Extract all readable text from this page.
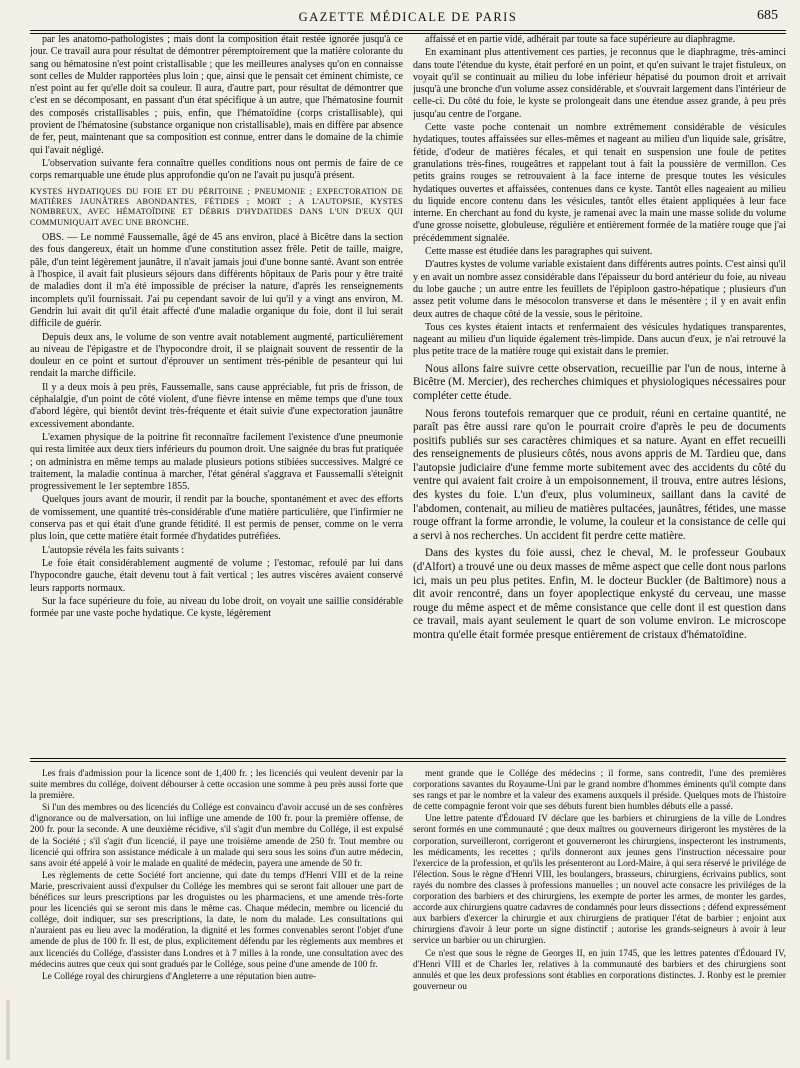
GAZETTE MÉDICALE DE PARIS	685

par les anatomo-pathologistes ; mais dont la composition était restée ignorée jusqu'à ce jour. Ce travail aura pour résultat de démontrer péremptoirement que la matière colorante du sang ou hématosine n'est point cristallisable ; que les meilleures analyses qu'on en connaisse sont celles de Mulder rapportées plus loin ; que, ainsi que le pensait cet éminent chimiste, ce n'est point au fer qu'elle doit sa couleur. Il aura, d'autre part, pour résultat de démontrer que c'est en se décomposant, en passant d'un état spécifique à un autre, que l'hématosine fournit des composés cristallisables ; puis, enfin, que l'hématoïdine (corps cristallisable), qui provient de l'hématosine (substance organique non cristallisable), mais en diffère par absence de fer, peut, maintenant que sa composition est connue, entrer dans le domaine de la chimie qui l'avait négligé.

L'observation suivante fera connaître quelles conditions nous ont permis de faire de ce corps remarquable une étude plus approfondie qu'on ne l'avait pu jusqu'à présent.

KYSTES HYDATIQUES DU FOIE ET DU PÉRITOINE ; PNEUMONIE ; EXPECTORATION DE MATIÈRES JAUNÂTRES ABONDANTES, FÉTIDES ; MORT ; A L'AUTOPSIE, KYSTES NOMBREUX, AVEC HÉMATOÏDINE ET DÉBRIS D'HYDATIDES DANS L'UN D'EUX QUI COMMUNIQUAIT AVEC UNE BRONCHE.

OBS. — Le nommé Faussemalle, âgé de 45 ans environ, placé à Bicêtre dans la section des fous dangereux, était un homme d'une constitution assez frêle. Petit de taille, maigre, pâle, d'un teint légèrement jaunâtre, il n'avait jamais joui d'une bonne santé. Avant son entrée à l'hospice, il avait fait plusieurs séjours dans différents hôpitaux de Paris pour y être traité de maladies dont il m'a été impossible de préciser la nature, d'après les renseignements incomplets qu'il fournissait. J'ai pu cependant savoir de lui qu'il y a vingt ans environ, M. Gendrin lui avait dit qu'il était affecté d'une maladie organique du foie, dont il lui serait difficile de guérir.

Depuis deux ans, le volume de son ventre avait notablement augmenté, particulièrement au niveau de l'épigastre et de l'hypocondre droit, il se plaignait souvent de ressentir de la douleur en ce point et surtout d'éprouver un sentiment très-pénible de pesanteur qui lui rendait la marche difficile.

Il y a deux mois à peu près, Faussemalle, sans cause appréciable, fut pris de frisson, de céphalalgie, d'un point de côté violent, d'une fièvre intense en même temps que d'une toux d'abord légère, qui bientôt devint très-fréquente et était suivie d'une expectoration jaunâtre excessivement abondante.

L'examen physique de la poitrine fit reconnaître facilement l'existence d'une pneumonie qui resta limitée aux deux tiers inférieurs du poumon droit. Une saignée du bras fut pratiquée ; on administra en même temps au malade plusieurs potions stibiées successives. Malgré ce traitement, la maladie continua à marcher, l'état général s'aggrava et Faussemalli s'éteignit progressivement le 1er septembre 1855.

Quelques jours avant de mourir, il rendit par la bouche, spontanément et avec des efforts de vomissement, une quantité très-considérable d'une matière particulière, que l'infirmier ne conserva pas et qui était d'une grande fétidité. Il est permis de penser, comme on le verra plus loin, que cette matière était formée d'hydatides putréfiées.

L'autopsie révéla les faits suivants :

Le foie était considérablement augmenté de volume ; l'estomac, refoulé par lui dans l'hypocondre gauche, était devenu tout à fait vertical ; les autres viscères avaient conservé leurs rapports normaux.

Sur la face supérieure du foie, au niveau du lobe droit, on voyait une saillie considérable formée par une vaste poche hydatique. Ce kyste, légèrement

affaissé et en partie vidé, adhérait par toute sa face supérieure au diaphragme.

En examinant plus attentivement ces parties, je reconnus que le diaphragme, très-aminci dans toute l'étendue du kyste, était perforé en un point, et qu'en suivant le trajet fistuleux, on voyait qu'il se continuait au milieu du lobe inférieur hépatisé du poumon droit et arrivait jusqu'à une bronche d'un volume assez considérable, et s'ouvrait largement dans l'intérieur de celle-ci. Du côté du foie, le kyste se prolongeait dans une étendue assez grande, à peu près jusqu'au centre de l'organe.

Cette vaste poche contenait un nombre extrêmement considérable de vésicules hydatiques, toutes affaissées sur elles-mêmes et nageant au milieu d'un liquide sale, grisâtre, fétide, d'odeur de matières fécales, et qui tenait en suspension une foule de petites granulations très-fines, rougeâtres et rappelant tout à fait la poussière de vermillon. Ces petits grains rouges se retrouvaient à la face interne de presque toutes les vésicules hydatiques ouvertes et affaissées, contenues dans ce kyste. Tantôt elles nageaient au milieu du liquide encore contenu dans les vésicules, tantôt elles étaient appliquées à leur face interne. En cherchant au fond du kyste, je ramenai avec la main une masse solide du volume d'une grosse noisette, globuleuse, régulière et entièrement formée de la matière rouge que j'ai précédemment signalée.

Cette masse est étudiée dans les paragraphes qui suivent.

D'autres kystes de volume variable existaient dans différents autres points. C'est ainsi qu'il y en avait un nombre assez considérable dans l'épaisseur du bord antérieur du foie, au niveau du lobe gauche ; un autre entre les feuillets de l'épiploon gastro-hépatique ; plusieurs d'un assez petit volume dans le mésocolon transverse et dans le mésentère ; il y en avait enfin deux autres de chaque côté de la vessie, sous le péritoine.

Tous ces kystes étaient intacts et renfermaient des vésicules hydatiques transparentes, nageant au milieu d'un liquide également très-limpide. Dans aucun d'eux, je n'ai retrouvé la plus petite trace de la matière rouge qui existait dans le premier.

Nous allons faire suivre cette observation, recueillie par l'un de nous, interne à Bicêtre (M. Mercier), des recherches chimiques et physiologiques nécessaires pour compléter cette étude.

Nous ferons toutefois remarquer que ce produit, réuni en certaine quantité, ne paraît pas être aussi rare qu'on le pourrait croire d'après le peu de documents positifs publiés sur ses caractères chimiques et sa nature. Ayant en effet recueilli des renseignements de plusieurs côtés, nous avons appris de M. Tardieu que, dans l'autopsie judiciaire d'une femme morte subitement avec des accidents du côté du ventre qui avaient fait croire à un empoisonnement, il trouva, entre autres lésions, des kystes du foie. L'un d'eux, plus volumineux, saillant dans la cavité de l'abdomen, contenait, au milieu de matières pultacées, jaunâtres, fétides, une masse rouge offrant la forme arrondie, le volume, la couleur et la consistance de celle qui a servi à nos recherches. Un accident fit perdre cette matière.

Dans des kystes du foie aussi, chez le cheval, M. le professeur Goubaux (d'Alfort) a trouvé une ou deux masses de même aspect que celle dont nous parlons ici, mais un peu plus petites. Enfin, M. le docteur Buckler (de Baltimore) nous a dit avoir rencontré, dans un foyer apoplectique enkysté du cerveau, une masse rouge du même aspect et de même consistance que celle dont il est question dans ce travail, mais ayant seulement le quart de son volume environ. Le microscope montra qu'elle était formée presque entièrement de cristaux d'hématoïdine.

Les frais d'admission pour la licence sont de 1,400 fr. ; les licenciés qui veulent devenir par la suite membres du collége, doivent débourser à cette occasion une somme à peu près aussi forte que la première.

Si l'un des membres ou des licenciés du Collége est convaincu d'avoir accusé un de ses confrères d'ignorance ou de malversation, on lui inflige une amende de 100 fr. pour la première offense, de 200 fr. pour la seconde. A une deuxième récidive, s'il s'agit d'un membre du Collége, il est expulsé de la Société ; s'il s'agit d'un licencié, il paye une troisième amende de 250 fr. Tout membre ou licencié qui offrira son assistance médicale à un malade qui sera sous les soins d'un autre médecin, sans avoir été appelé à voir le malade en qualité de médecin, payera une amende de 50 fr.

Les règlements de cette Société fort ancienne, qui date du temps d'Henri VIII et de la reine Marie, prescrivaient aussi d'expulser du Collége les membres qui se seront fait allouer une part de bénéfices sur leurs prescriptions par les droguistes ou les pharmaciens, et une amende très-forte pour les licenciés qui se seront mis dans le même cas. Chaque médecin, membre ou licencié du collége, doit indiquer, sur ses prescriptions, la date, le nom du malade. Les consultations qui n'auraient pas eu lieu avec la modération, la dignité et les formes convenables seront l'objet d'une amende de plus de 100 fr. Il est, de plus, explicitement défendu par les règlements aux membres et aux licenciés du Collége, d'assister dans Londres et à 7 milles à la ronde, une consultation avec des médecins autres que ceux qui sont gradués par le Collége, sous peine d'une amende de 100 fr.

Le Collége royal des chirurgiens d'Angleterre a une réputation bien autre-

ment grande que le Collége des médecins ; il forme, sans contredit, l'une des premières corporations savantes du Royaume-Uni par le grand nombre d'hommes éminents qu'il compte dans ses rangs et par le nombre et la valeur des examens auxquels il préside. Quelques mots de l'histoire de cette compagnie feront voir que ses débuts furent bien humbles débuts elle a passé.

Une lettre patente d'Édouard IV déclare que les barbiers et chirurgiens de la ville de Londres seront formés en une communauté ; que deux maîtres ou gouverneurs dirigeront les mystères de la corporation, surveilleront, corrigeront et gouverneront les chirurgiens, inspecteront les instruments, les médicaments, les recettes ; qu'ils donneront aux jeunes gens l'instruction nécessaire pour l'exercice de la profession, et qu'ils les présenteront au Lord-Maire, à qui sera réservé le privilége de l'élection. Sous le règne d'Henri VIII, les boulangers, brasseurs, chirurgiens, écrivains publics, sont rayés du nombre des classes à professions manuelles ; un nouvel acte consacre les priviléges de la corporation des barbiers et des chirurgiens, les exempte de porter les armes, de monter les gardes, accorde aux chirurgiens quatre cadavres de condamnés pour leurs dissections ; défend expressément aux barbiers d'exercer la chirurgie et aux chirurgiens de pratiquer l'état de barbier ; enjoint aux chirurgiens d'avoir à leur porte un signe distinctif ; autorise les grands-seigneurs à avoir à leur service un barbier ou un chirurgien.

Ce n'est que sous le règne de Georges II, en juin 1745, que les lettres patentes d'Édouard IV, d'Henri VIII et de Charles Ier, relatives à la communauté des barbiers et des chirurgiens sont annulés et que les deux professions sont établies en corporations distinctes. J. Ronby est le premier gouverneur ou
